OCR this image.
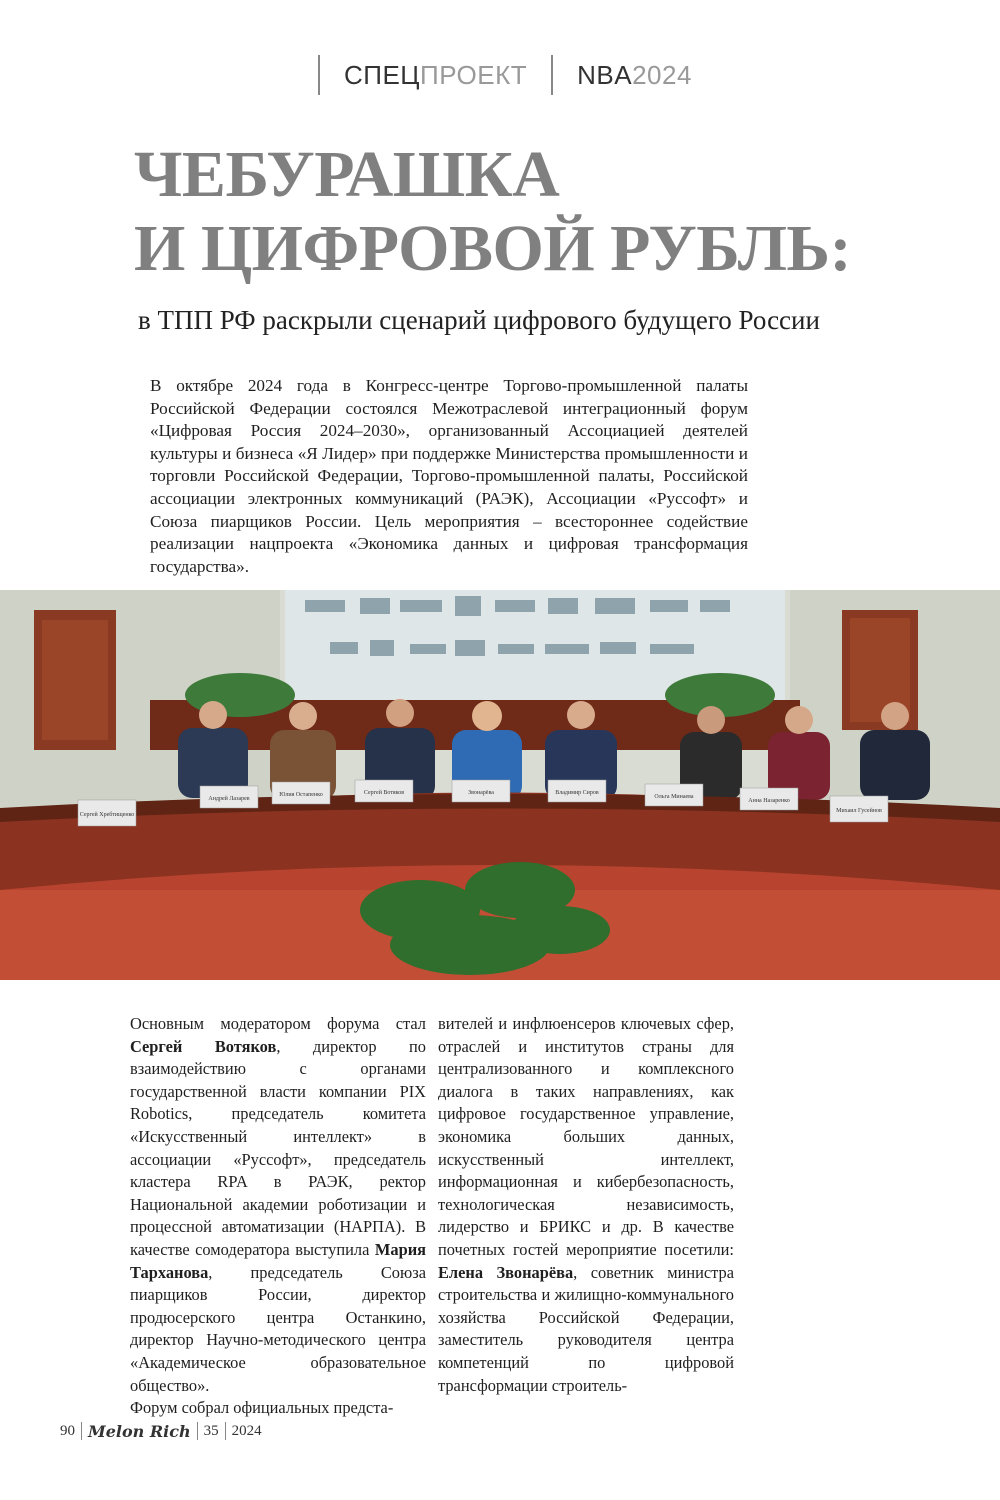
СПЕЦПРОЕКТ	NBA2024
ЧЕБУРАШКА
И ЦИФРОВОЙ РУБЛЬ:
в ТПП РФ раскрыли сценарий цифрового будущего России
В октябре 2024 года в Конгресс-центре Торгово-промышленной палаты Российской Федерации состоялся Межотраслевой интеграционный форум «Цифровая Россия 2024–2030», организованный Ассоциацией деятелей культуры и бизнеса «Я Лидер» при поддержке Министерства промышленности и торговли Российской Федерации, Торгово-промышленной палаты, Российской ассоциации электронных коммуникаций (РАЭК), Ассоциации «Руссофт» и Союза пиарщиков России. Цель мероприятия – всестороннее содействие реализации нацпроекта «Экономика данных и цифровая трансформация государства».
Сергей Хребтищенко
Андрей Лазарев
Юлия Остапенко	Сергей Вотяков	Звонарёва	Владимир Сиров
Ольга Минаева
Анна Назаренко
Михаил Гусейнов

Основным модератором форума стал Сергей Вотяков, директор по взаимодействию с органами государственной власти компании PIX Robotics, председатель комитета «Искусственный интеллект» в ассоциации «Руссофт», председатель кластера RPA в РАЭК, ректор Национальной академии роботизации и процессной автоматизации (НАРПА). В качестве сомодератора выступила Мария Тарханова, председатель Союза пиарщиков России, директор продюсерского центра Останкино, директор Научно-методического центра «Академическое образовательное общество».

Форум собрал официальных предста-

вителей и инфлюенсеров ключевых сфер, отраслей и институтов страны для централизованного и комплексного диалога в таких направлениях, как цифровое государственное управление, экономика больших данных, искусственный интеллект, информационная и кибербезопасность, технологическая независимость, лидерство и БРИКС и др. В качестве почетных гостей мероприятие посетили: Елена Звонарёва, советник министра строительства и жилищно-коммунального хозяйства Российской Федерации, заместитель руководителя центра компетенций по цифровой трансформации строитель-

90 Melon Rich 35 2024
